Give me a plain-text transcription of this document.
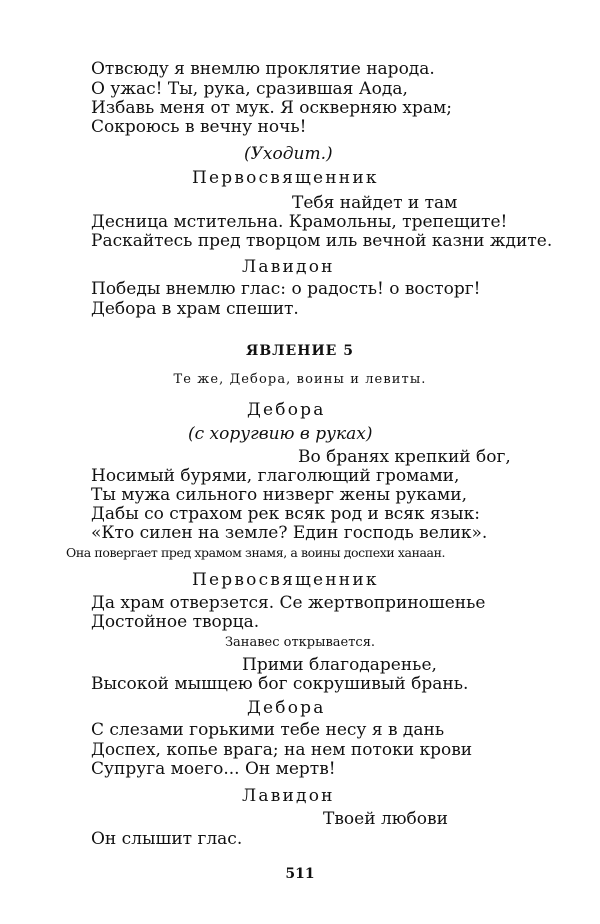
Отвсюду я внемлю проклятие народа.
О ужас! Ты, рука, сразившая Аода,
Избавь меня от мук. Я оскверняю храм;
Сокроюсь в вечну ночь!
(Уходит.)
Первосвященник
Тебя найдет и там
Десница мстительна. Крамольны, трепещите!
Раскайтесь пред творцом иль вечной казни ждите.
Лавидон
Победы внемлю глас: о радость! о восторг!
Дебора в храм спешит.
ЯВЛЕНИЕ 5
Те же, Дебора, воины и левиты.
Дебора
(с хоругвию в руках)
Во бранях крепкий бог,
Носимый бурями, глаголющий громами,
Ты мужа сильного низверг жены руками,
Дабы со страхом рек всяк род и всяк язык:
«Кто силен на земле? Един господь велик».
Она повергает пред храмом знамя, а воины доспехи ханаан.
Первосвященник
Да храм отверзется. Се жертвоприношенье
Достойное творца.
Занавес открывается.
Прими благодаренье,
Высокой мышцею бог сокрушивый брань.
Дебора
С слезами горькими тебе несу я в дань
Доспех, копье врага; на нем потоки крови
Супруга моего... Он мертв!
Лавидон
Твоей любови
Он слышит глас.
511
